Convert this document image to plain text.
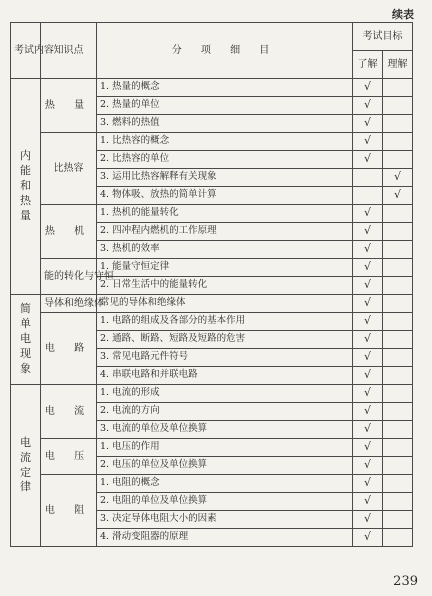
续表
考试内容	知识点	分 项 细 目	考试目标	
			了解	理解

内能和热量	热 量	1. 热量的概念	√	
		2. 热量的单位	√	
		3. 燃料的热值	√	
	比热容	1. 比热容的概念	√	
		2. 比热容的单位	√	
		3. 运用比热容解释有关现象		√
		4. 物体吸、放热的简单计算		√
	热 机	1. 热机的能量转化	√	
		2. 四冲程内燃机的工作原理	√	
		3. 热机的效率	√	
	能的转化与守恒	1. 能量守恒定律	√	
		2. 日常生活中的能量转化	√	

简单电现象	导体和绝缘体	常见的导体和绝缘体	√	
	电 路	1. 电路的组成及各部分的基本作用	√	
		2. 通路、断路、短路及短路的危害	√	
		3. 常见电路元件符号	√	
		4. 串联电路和并联电路	√	

电流定律	电 流	1. 电流的形成	√	
		2. 电流的方向	√	
		3. 电流的单位及单位换算	√	
	电 压	1. 电压的作用	√	
		2. 电压的单位及单位换算	√	
	电 阻	1. 电阻的概念	√	
		2. 电阻的单位及单位换算	√	
		3. 决定导体电阻大小的因素	√	
		4. 滑动变阻器的原理	√	
239
